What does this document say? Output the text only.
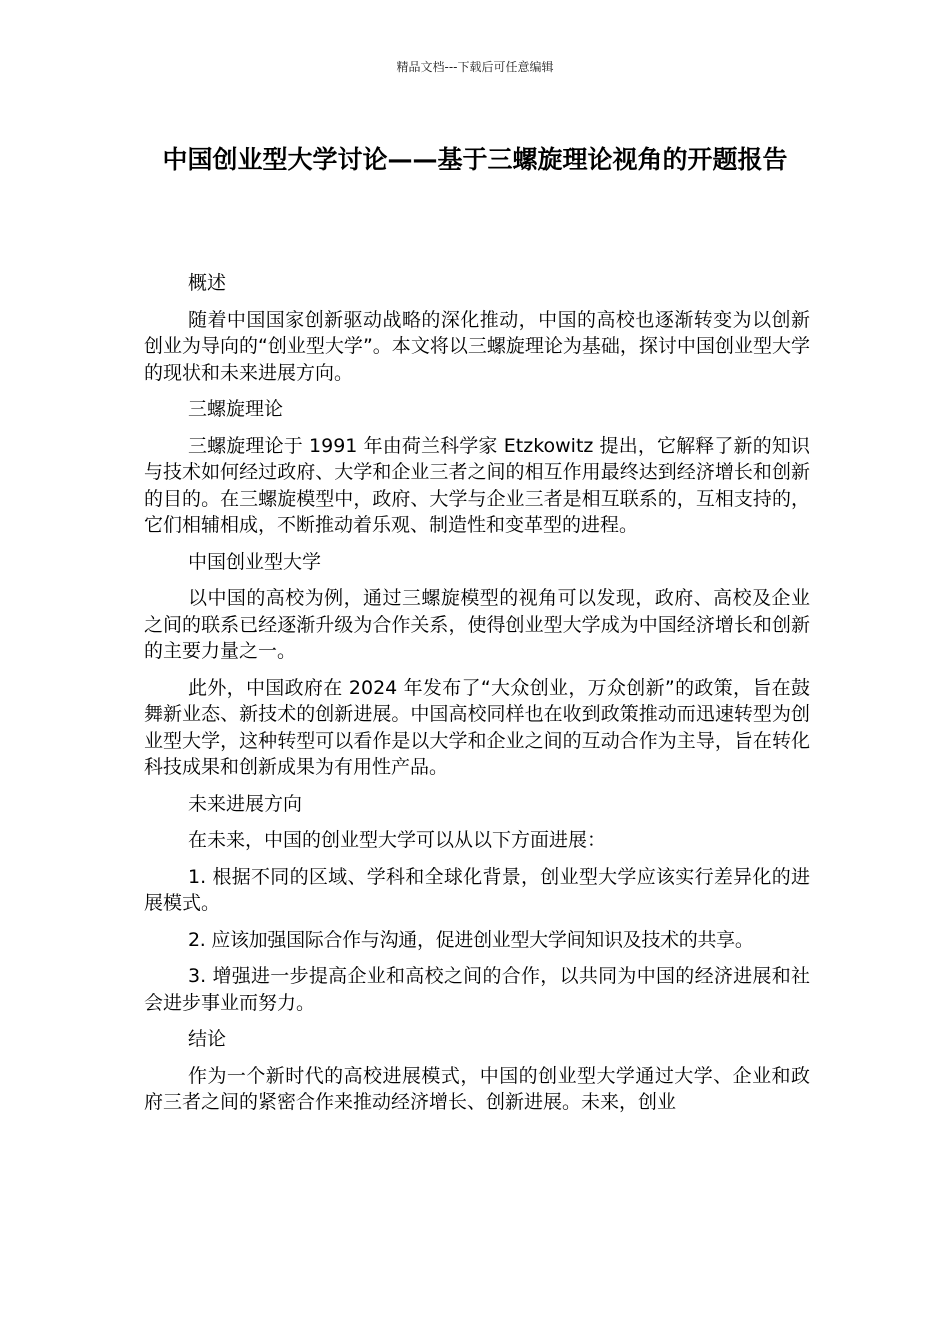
精品文档---下载后可任意编辑
中国创业型大学讨论——基于三螺旋理论视角的开题报告

概述

随着中国国家创新驱动战略的深化推动，中国的高校也逐渐转变为以创新创业为导向的“创业型大学”。本文将以三螺旋理论为基础，探讨中国创业型大学的现状和未来进展方向。

三螺旋理论

三螺旋理论于 1991 年由荷兰科学家 Etzkowitz 提出，它解释了新的知识与技术如何经过政府、大学和企业三者之间的相互作用最终达到经济增长和创新的目的。在三螺旋模型中，政府、大学与企业三者是相互联系的，互相支持的，它们相辅相成，不断推动着乐观、制造性和变革型的进程。

中国创业型大学

以中国的高校为例，通过三螺旋模型的视角可以发现，政府、高校及企业之间的联系已经逐渐升级为合作关系，使得创业型大学成为中国经济增长和创新的主要力量之一。

此外，中国政府在 2024 年发布了“大众创业，万众创新”的政策，旨在鼓舞新业态、新技术的创新进展。中国高校同样也在收到政策推动而迅速转型为创业型大学，这种转型可以看作是以大学和企业之间的互动合作为主导，旨在转化科技成果和创新成果为有用性产品。

未来进展方向

在未来，中国的创业型大学可以从以下方面进展：

1. 根据不同的区域、学科和全球化背景，创业型大学应该实行差异化的进展模式。

2. 应该加强国际合作与沟通，促进创业型大学间知识及技术的共享。

3. 增强进一步提高企业和高校之间的合作，以共同为中国的经济进展和社会进步事业而努力。

结论

作为一个新时代的高校进展模式，中国的创业型大学通过大学、企业和政府三者之间的紧密合作来推动经济增长、创新进展。未来，创业
